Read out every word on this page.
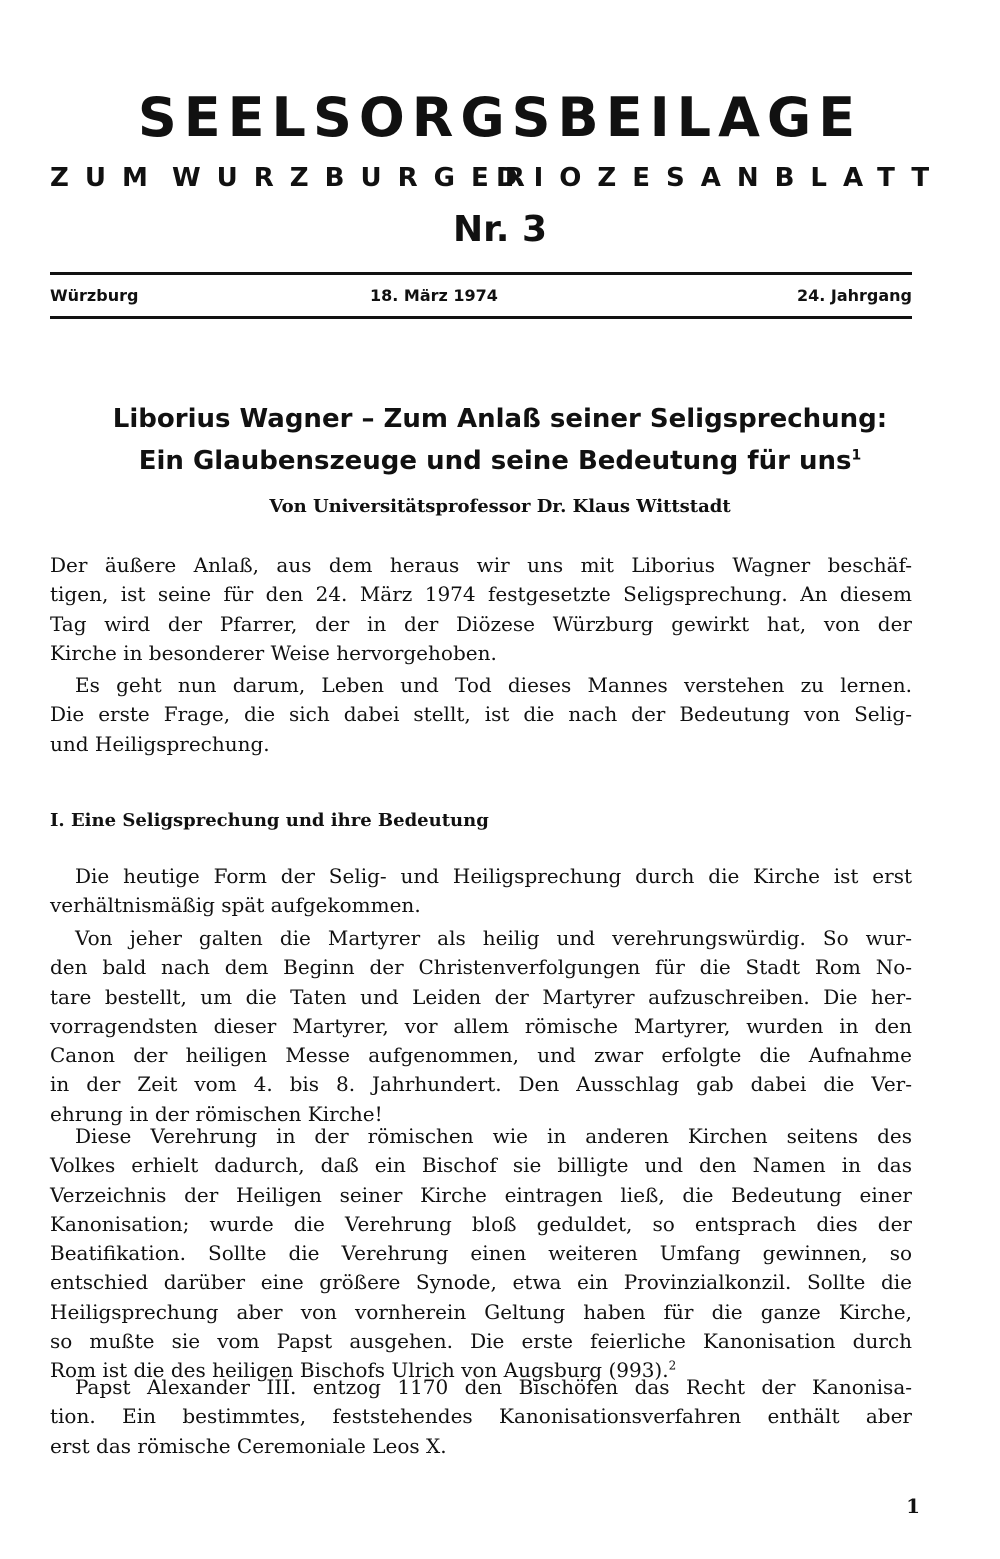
SEELSORGSBEILAGE
ZUM WURZBURGER
DIOZESANBLATT
Nr. 3
Würzburg	18. März 1974	24. Jahrgang
Liborius Wagner – Zum Anlaß seiner Seligsprechung:
Ein Glaubenszeuge und seine Bedeutung für uns$^1$
Von Universitätsprofessor Dr. Klaus Wittstadt
Der äußere Anlaß, aus dem heraus wir uns mit Liborius Wagner beschäf-
tigen, ist seine für den 24. März 1974 festgesetzte Seligsprechung. An diesem
Tag wird der Pfarrer, der in der Diözese Würzburg gewirkt hat, von der
Kirche in besonderer Weise hervorgehoben.
Es geht nun darum, Leben und Tod dieses Mannes verstehen zu lernen.
Die erste Frage, die sich dabei stellt, ist die nach der Bedeutung von Selig-
und Heiligsprechung.
I. Eine Seligsprechung und ihre Bedeutung
Die heutige Form der Selig- und Heiligsprechung durch die Kirche ist erst
verhältnismäßig spät aufgekommen.
Von jeher galten die Martyrer als heilig und verehrungswürdig. So wur-
den bald nach dem Beginn der Christenverfolgungen für die Stadt Rom No-
tare bestellt, um die Taten und Leiden der Martyrer aufzuschreiben. Die her-
vorragendsten dieser Martyrer, vor allem römische Martyrer, wurden in den
Canon der heiligen Messe aufgenommen, und zwar erfolgte die Aufnahme
in der Zeit vom 4. bis 8. Jahrhundert. Den Ausschlag gab dabei die Ver-
ehrung in der römischen Kirche!
Diese Verehrung in der römischen wie in anderen Kirchen seitens des
Volkes erhielt dadurch, daß ein Bischof sie billigte und den Namen in das
Verzeichnis der Heiligen seiner Kirche eintragen ließ, die Bedeutung einer
Kanonisation; wurde die Verehrung bloß geduldet, so entsprach dies der
Beatifikation. Sollte die Verehrung einen weiteren Umfang gewinnen, so
entschied darüber eine größere Synode, etwa ein Provinzialkonzil. Sollte die
Heiligsprechung aber von vornherein Geltung haben für die ganze Kirche,
so mußte sie vom Papst ausgehen. Die erste feierliche Kanonisation durch
Rom ist die des heiligen Bischofs Ulrich von Augsburg (993).$^2$
Papst Alexander III. entzog 1170 den Bischöfen das Recht der Kanonisa-
tion. Ein bestimmtes, feststehendes Kanonisationsverfahren enthält aber
erst das römische Ceremoniale Leos X.
1
